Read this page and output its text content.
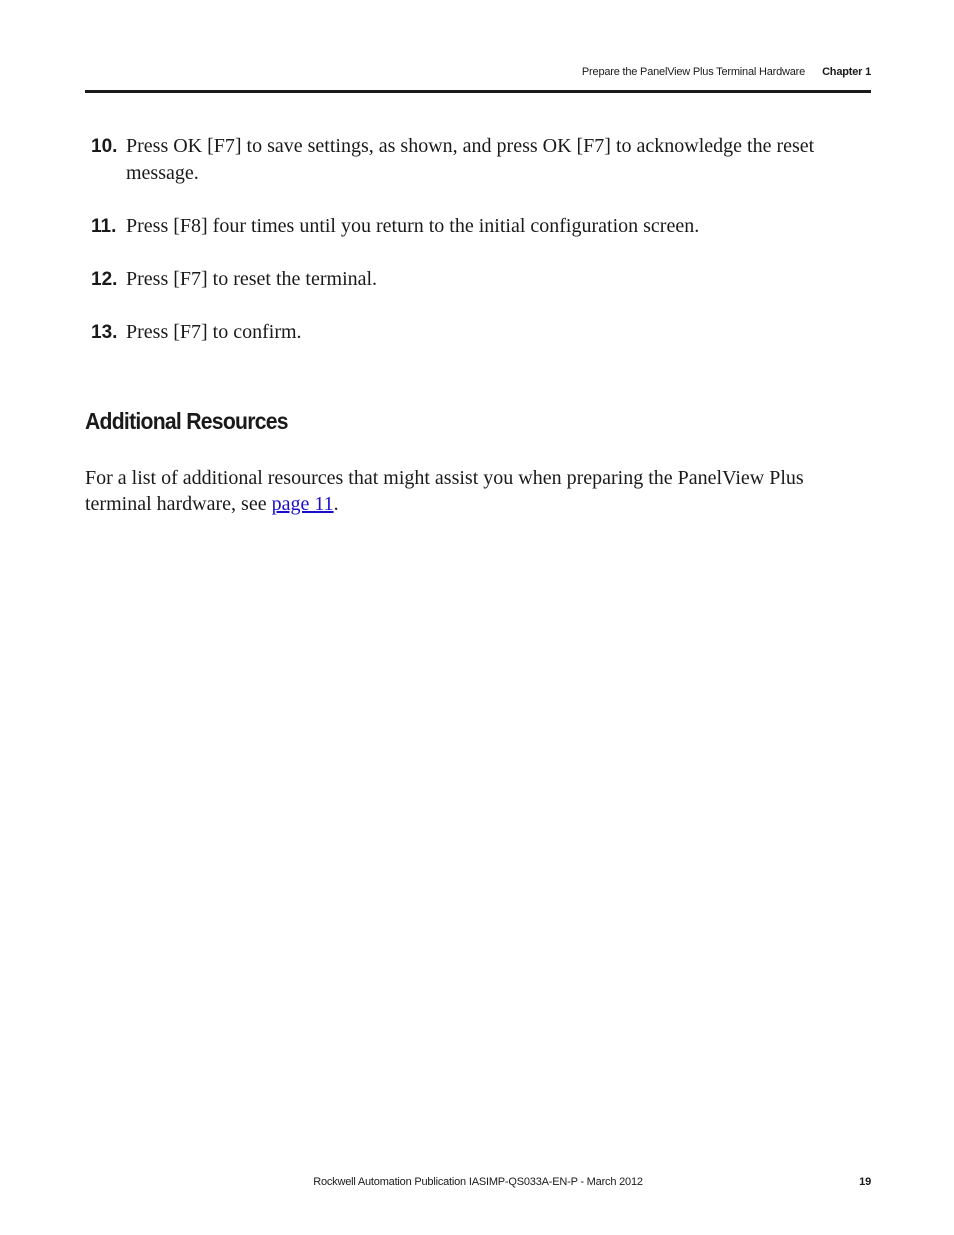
Prepare the PanelView Plus Terminal Hardware Chapter 1
10. Press OK [F7] to save settings, as shown, and press OK [F7] to acknowledge the reset message.
11. Press [F8] four times until you return to the initial configuration screen.
12. Press [F7] to reset the terminal.
13. Press [F7] to confirm.
Additional Resources

For a list of additional resources that might assist you when preparing the PanelView Plus terminal hardware, see page 11.

Rockwell Automation Publication IASIMP-QS033A-EN-P - March 2012	19
